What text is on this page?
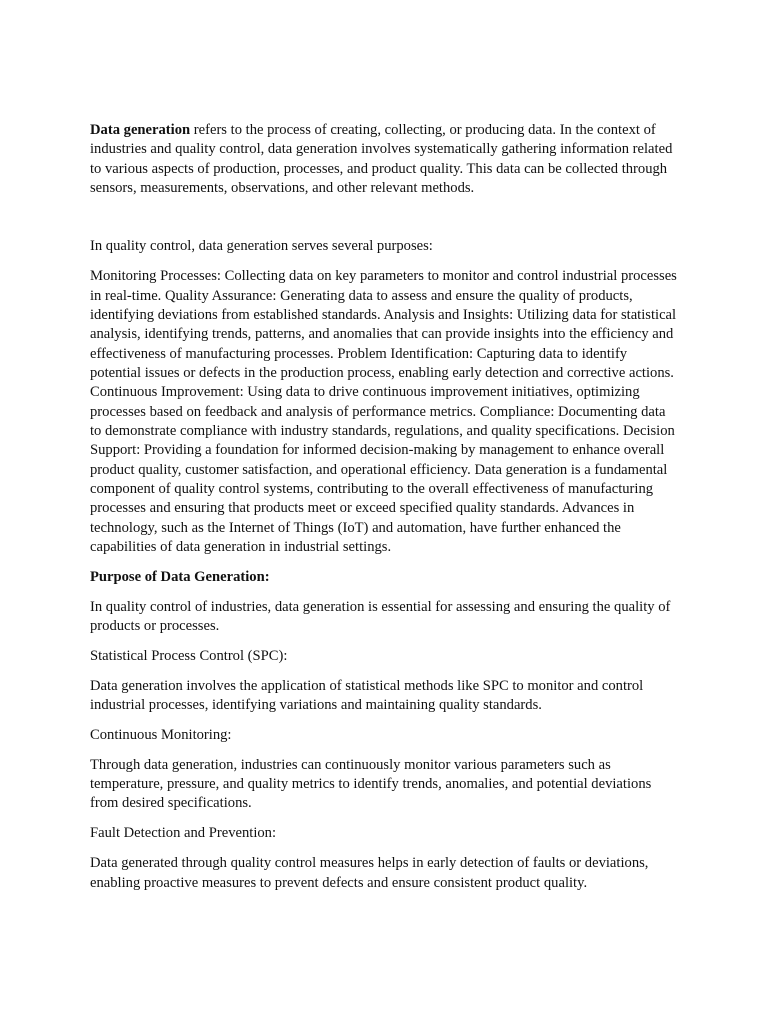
Data generation refers to the process of creating, collecting, or producing data. In the context of industries and quality control, data generation involves systematically gathering information related to various aspects of production, processes, and product quality. This data can be collected through sensors, measurements, observations, and other relevant methods.

In quality control, data generation serves several purposes:

Monitoring Processes: Collecting data on key parameters to monitor and control industrial processes in real-time. Quality Assurance: Generating data to assess and ensure the quality of products, identifying deviations from established standards. Analysis and Insights: Utilizing data for statistical analysis, identifying trends, patterns, and anomalies that can provide insights into the efficiency and effectiveness of manufacturing processes. Problem Identification: Capturing data to identify potential issues or defects in the production process, enabling early detection and corrective actions. Continuous Improvement: Using data to drive continuous improvement initiatives, optimizing processes based on feedback and analysis of performance metrics. Compliance: Documenting data to demonstrate compliance with industry standards, regulations, and quality specifications. Decision Support: Providing a foundation for informed decision-making by management to enhance overall product quality, customer satisfaction, and operational efficiency. Data generation is a fundamental component of quality control systems, contributing to the overall effectiveness of manufacturing processes and ensuring that products meet or exceed specified quality standards. Advances in technology, such as the Internet of Things (IoT) and automation, have further enhanced the capabilities of data generation in industrial settings.

Purpose of Data Generation:

In quality control of industries, data generation is essential for assessing and ensuring the quality of products or processes.

Statistical Process Control (SPC):

Data generation involves the application of statistical methods like SPC to monitor and control industrial processes, identifying variations and maintaining quality standards.

Continuous Monitoring:

Through data generation, industries can continuously monitor various parameters such as temperature, pressure, and quality metrics to identify trends, anomalies, and potential deviations from desired specifications.

Fault Detection and Prevention:

Data generated through quality control measures helps in early detection of faults or deviations, enabling proactive measures to prevent defects and ensure consistent product quality.
